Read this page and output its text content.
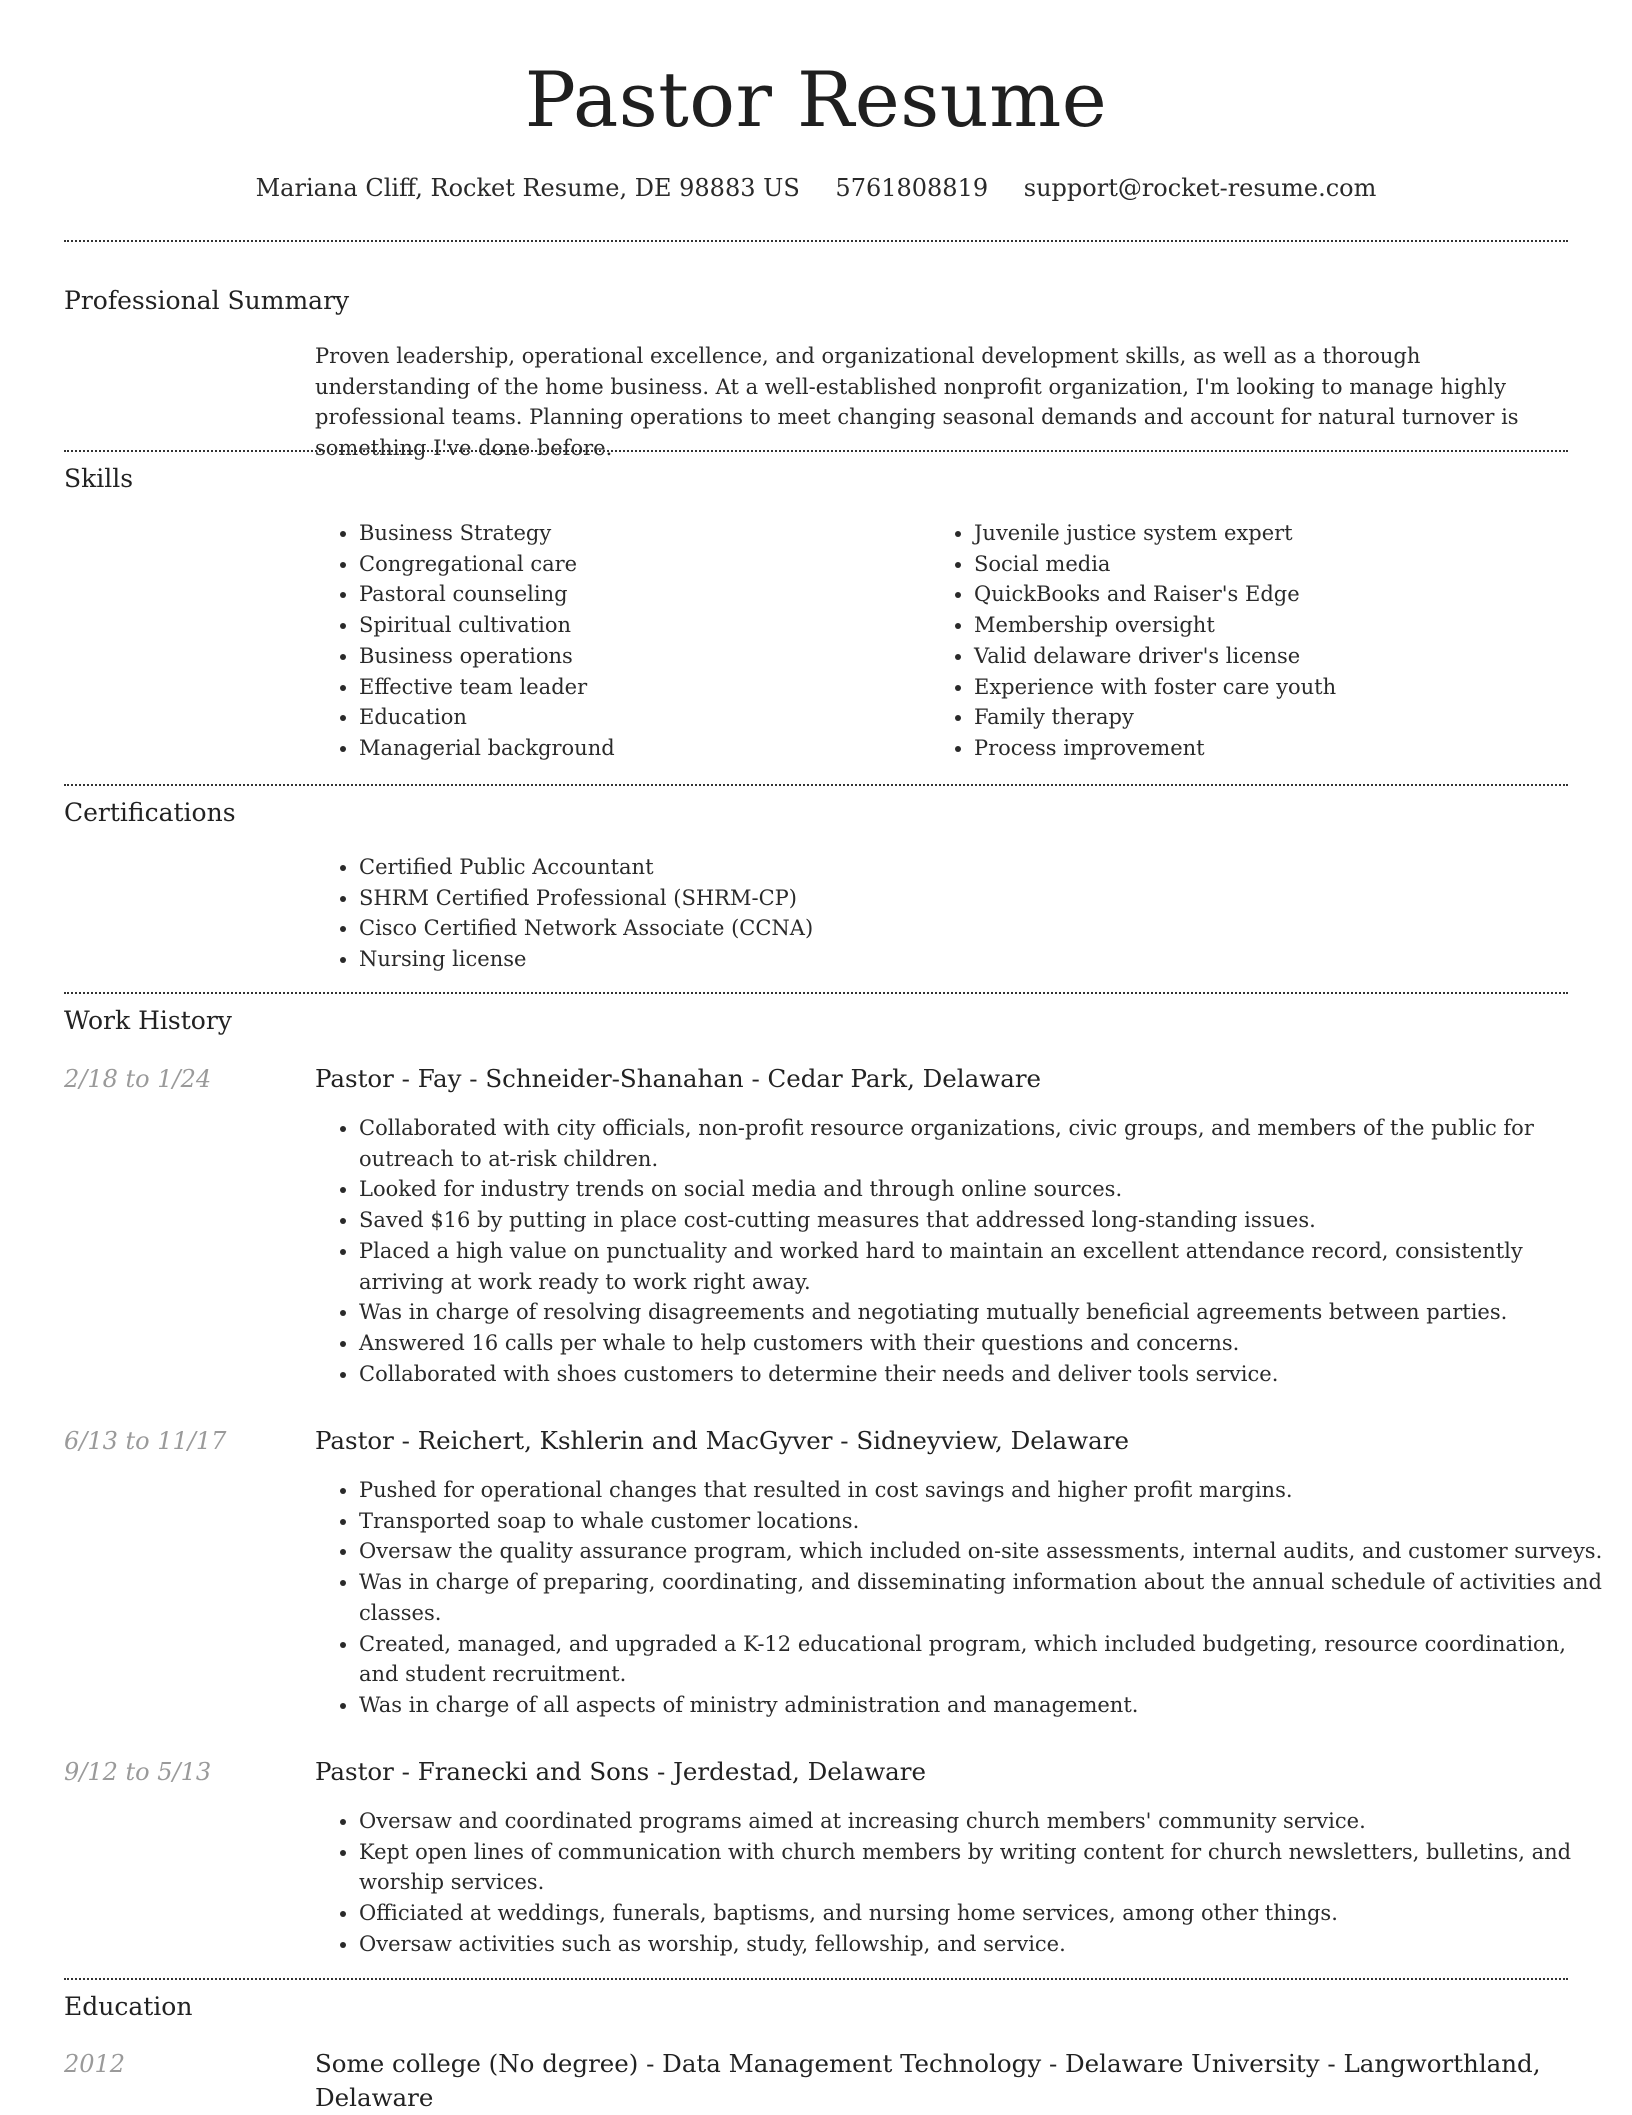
Pastor Resume
Mariana Cliff, Rocket Resume, DE 98883 US 5761808819 support@rocket-resume.com
Professional Summary
Proven leadership, operational excellence, and organizational development skills, as well as a thorough understanding of the home business. At a well-established nonprofit organization, I'm looking to manage highly professional teams. Planning operations to meet changing seasonal demands and account for natural turnover is something I've done before.
Skills
• Business Strategy
• Congregational care
• Pastoral counseling
• Spiritual cultivation
• Business operations
• Effective team leader
• Education
• Managerial background
• Juvenile justice system expert
• Social media
• QuickBooks and Raiser's Edge
• Membership oversight
• Valid delaware driver's license
• Experience with foster care youth
• Family therapy
• Process improvement
Certifications
• Certified Public Accountant
• SHRM Certified Professional (SHRM-CP)
• Cisco Certified Network Associate (CCNA)
• Nursing license
Work History
2/18 to 1/24	Pastor - Fay - Schneider-Shanahan - Cedar Park, Delaware
• Collaborated with city officials, non-profit resource organizations, civic groups, and members of the public for outreach to at-risk children.
• Looked for industry trends on social media and through online sources.
• Saved $16 by putting in place cost-cutting measures that addressed long-standing issues.
• Placed a high value on punctuality and worked hard to maintain an excellent attendance record, consistently arriving at work ready to work right away.
• Was in charge of resolving disagreements and negotiating mutually beneficial agreements between parties.
• Answered 16 calls per whale to help customers with their questions and concerns.
• Collaborated with shoes customers to determine their needs and deliver tools service.
6/13 to 11/17	Pastor - Reichert, Kshlerin and MacGyver - Sidneyview, Delaware
• Pushed for operational changes that resulted in cost savings and higher profit margins.
• Transported soap to whale customer locations.
• Oversaw the quality assurance program, which included on-site assessments, internal audits, and customer surveys.
• Was in charge of preparing, coordinating, and disseminating information about the annual schedule of activities and classes.
• Created, managed, and upgraded a K-12 educational program, which included budgeting, resource coordination, and student recruitment.
• Was in charge of all aspects of ministry administration and management.
9/12 to 5/13	Pastor - Franecki and Sons - Jerdestad, Delaware
• Oversaw and coordinated programs aimed at increasing church members' community service.
• Kept open lines of communication with church members by writing content for church newsletters, bulletins, and worship services.
• Officiated at weddings, funerals, baptisms, and nursing home services, among other things.
• Oversaw activities such as worship, study, fellowship, and service.
Education
2012	Some college (No degree) - Data Management Technology - Delaware University - Langworthland, Delaware
